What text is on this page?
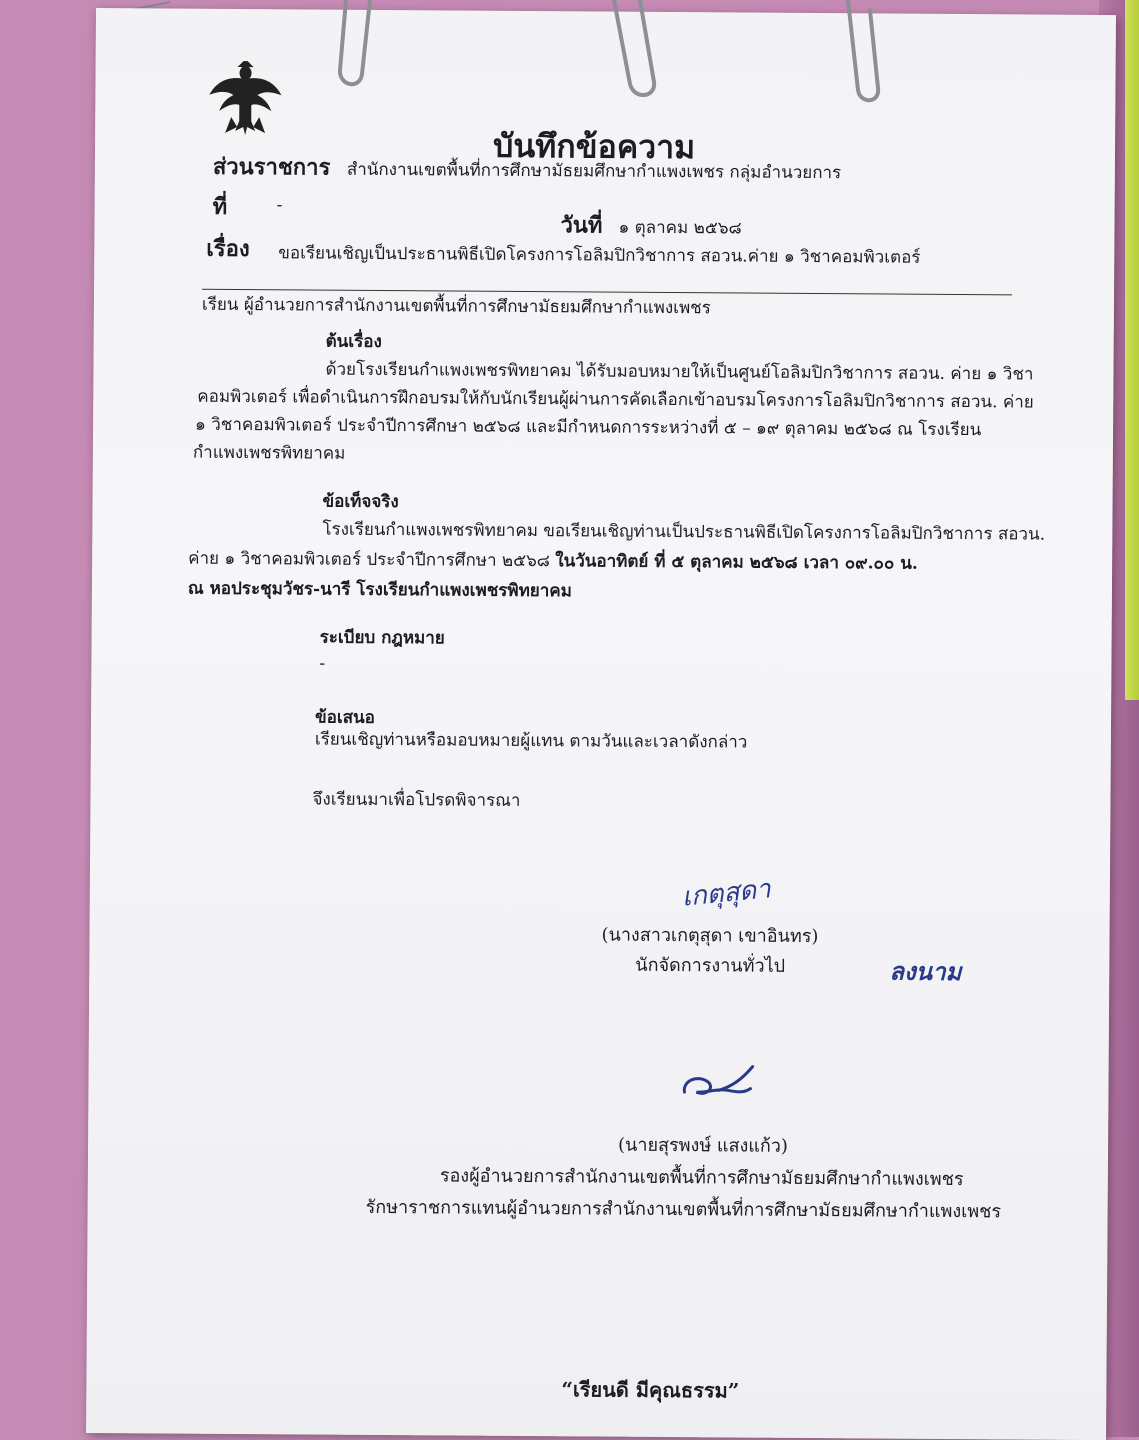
บันทึกข้อความ
ส่วนราชการ สำนักงานเขตพื้นที่การศึกษามัธยมศึกษากำแพงเพชร กลุ่มอำนวยการ
ที่	-
วันที่ ๑ ตุลาคม ๒๕๖๘
เรื่อง ขอเรียนเชิญเป็นประธานพิธีเปิดโครงการโอลิมปิกวิชาการ สอวน.ค่าย ๑ วิชาคอมพิวเตอร์
เรียน ผู้อำนวยการสำนักงานเขตพื้นที่การศึกษามัธยมศึกษากำแพงเพชร
ต้นเรื่อง
ด้วยโรงเรียนกำแพงเพชรพิทยาคม ได้รับมอบหมายให้เป็นศูนย์โอลิมปิกวิชาการ สอวน. ค่าย ๑ วิชา
คอมพิวเตอร์ เพื่อดำเนินการฝึกอบรมให้กับนักเรียนผู้ผ่านการคัดเลือกเข้าอบรมโครงการโอลิมปิกวิชาการ สอวน. ค่าย
๑ วิชาคอมพิวเตอร์ ประจำปีการศึกษา ๒๕๖๘ และมีกำหนดการระหว่างที่ ๕ – ๑๙ ตุลาคม ๒๕๖๘ ณ โรงเรียน
กำแพงเพชรพิทยาคม
ข้อเท็จจริง
โรงเรียนกำแพงเพชรพิทยาคม ขอเรียนเชิญท่านเป็นประธานพิธีเปิดโครงการโอลิมปิกวิชาการ สอวน.
ค่าย ๑ วิชาคอมพิวเตอร์ ประจำปีการศึกษา ๒๕๖๘ ในวันอาทิตย์ ที่ ๕ ตุลาคม ๒๕๖๘ เวลา ๐๙.๐๐ น.
ณ หอประชุมวัชร-นารี โรงเรียนกำแพงเพชรพิทยาคม
ระเบียบ กฎหมาย
-
ข้อเสนอ
เรียนเชิญท่านหรือมอบหมายผู้แทน ตามวันและเวลาดังกล่าว
จึงเรียนมาเพื่อโปรดพิจารณา
เกตุสุดา
(นางสาวเกตุสุดา เขาอินทร)
นักจัดการงานทั่วไป	ลงนาม
(นายสุรพงษ์ แสงแก้ว)
รองผู้อำนวยการสำนักงานเขตพื้นที่การศึกษามัธยมศึกษากำแพงเพชร
รักษาราชการแทนผู้อำนวยการสำนักงานเขตพื้นที่การศึกษามัธยมศึกษากำแพงเพชร
“เรียนดี มีคุณธรรม”
